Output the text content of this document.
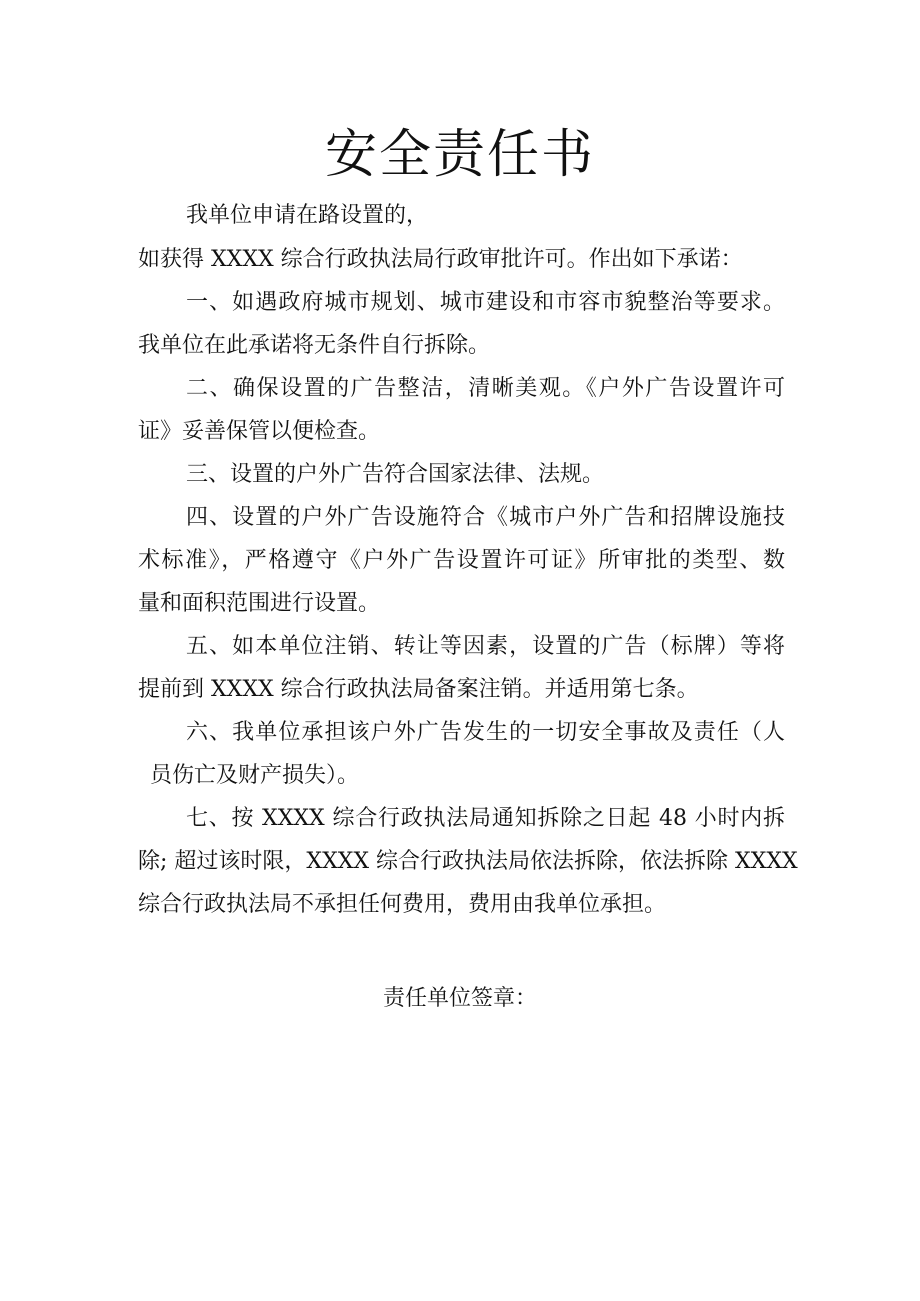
安全责任书
我单位申请在路设置的，
如获得 XXXX 综合行政执法局行政审批许可。作出如下承诺：
一、如遇政府城市规划、城市建设和市容市貌整治等要求。
我单位在此承诺将无条件自行拆除。
二、确保设置的广告整洁，清晰美观。《户外广告设置许可
证》妥善保管以便检查。
三、设置的户外广告符合国家法律、法规。
四、设置的户外广告设施符合《城市户外广告和招牌设施技
术标准》，严格遵守《户外广告设置许可证》所审批的类型、数
量和面积范围进行设置。
五、如本单位注销、转让等因素，设置的广告（标牌）等将
提前到 XXXX 综合行政执法局备案注销。并适用第七条。
六、我单位承担该户外广告发生的一切安全事故及责任（人
员伤亡及财产损失）。
七、按 XXXX 综合行政执法局通知拆除之日起 48 小时内拆
除; 超过该时限，XXXX 综合行政执法局依法拆除，依法拆除 XXXX
综合行政执法局不承担任何费用，费用由我单位承担。
责任单位签章：
